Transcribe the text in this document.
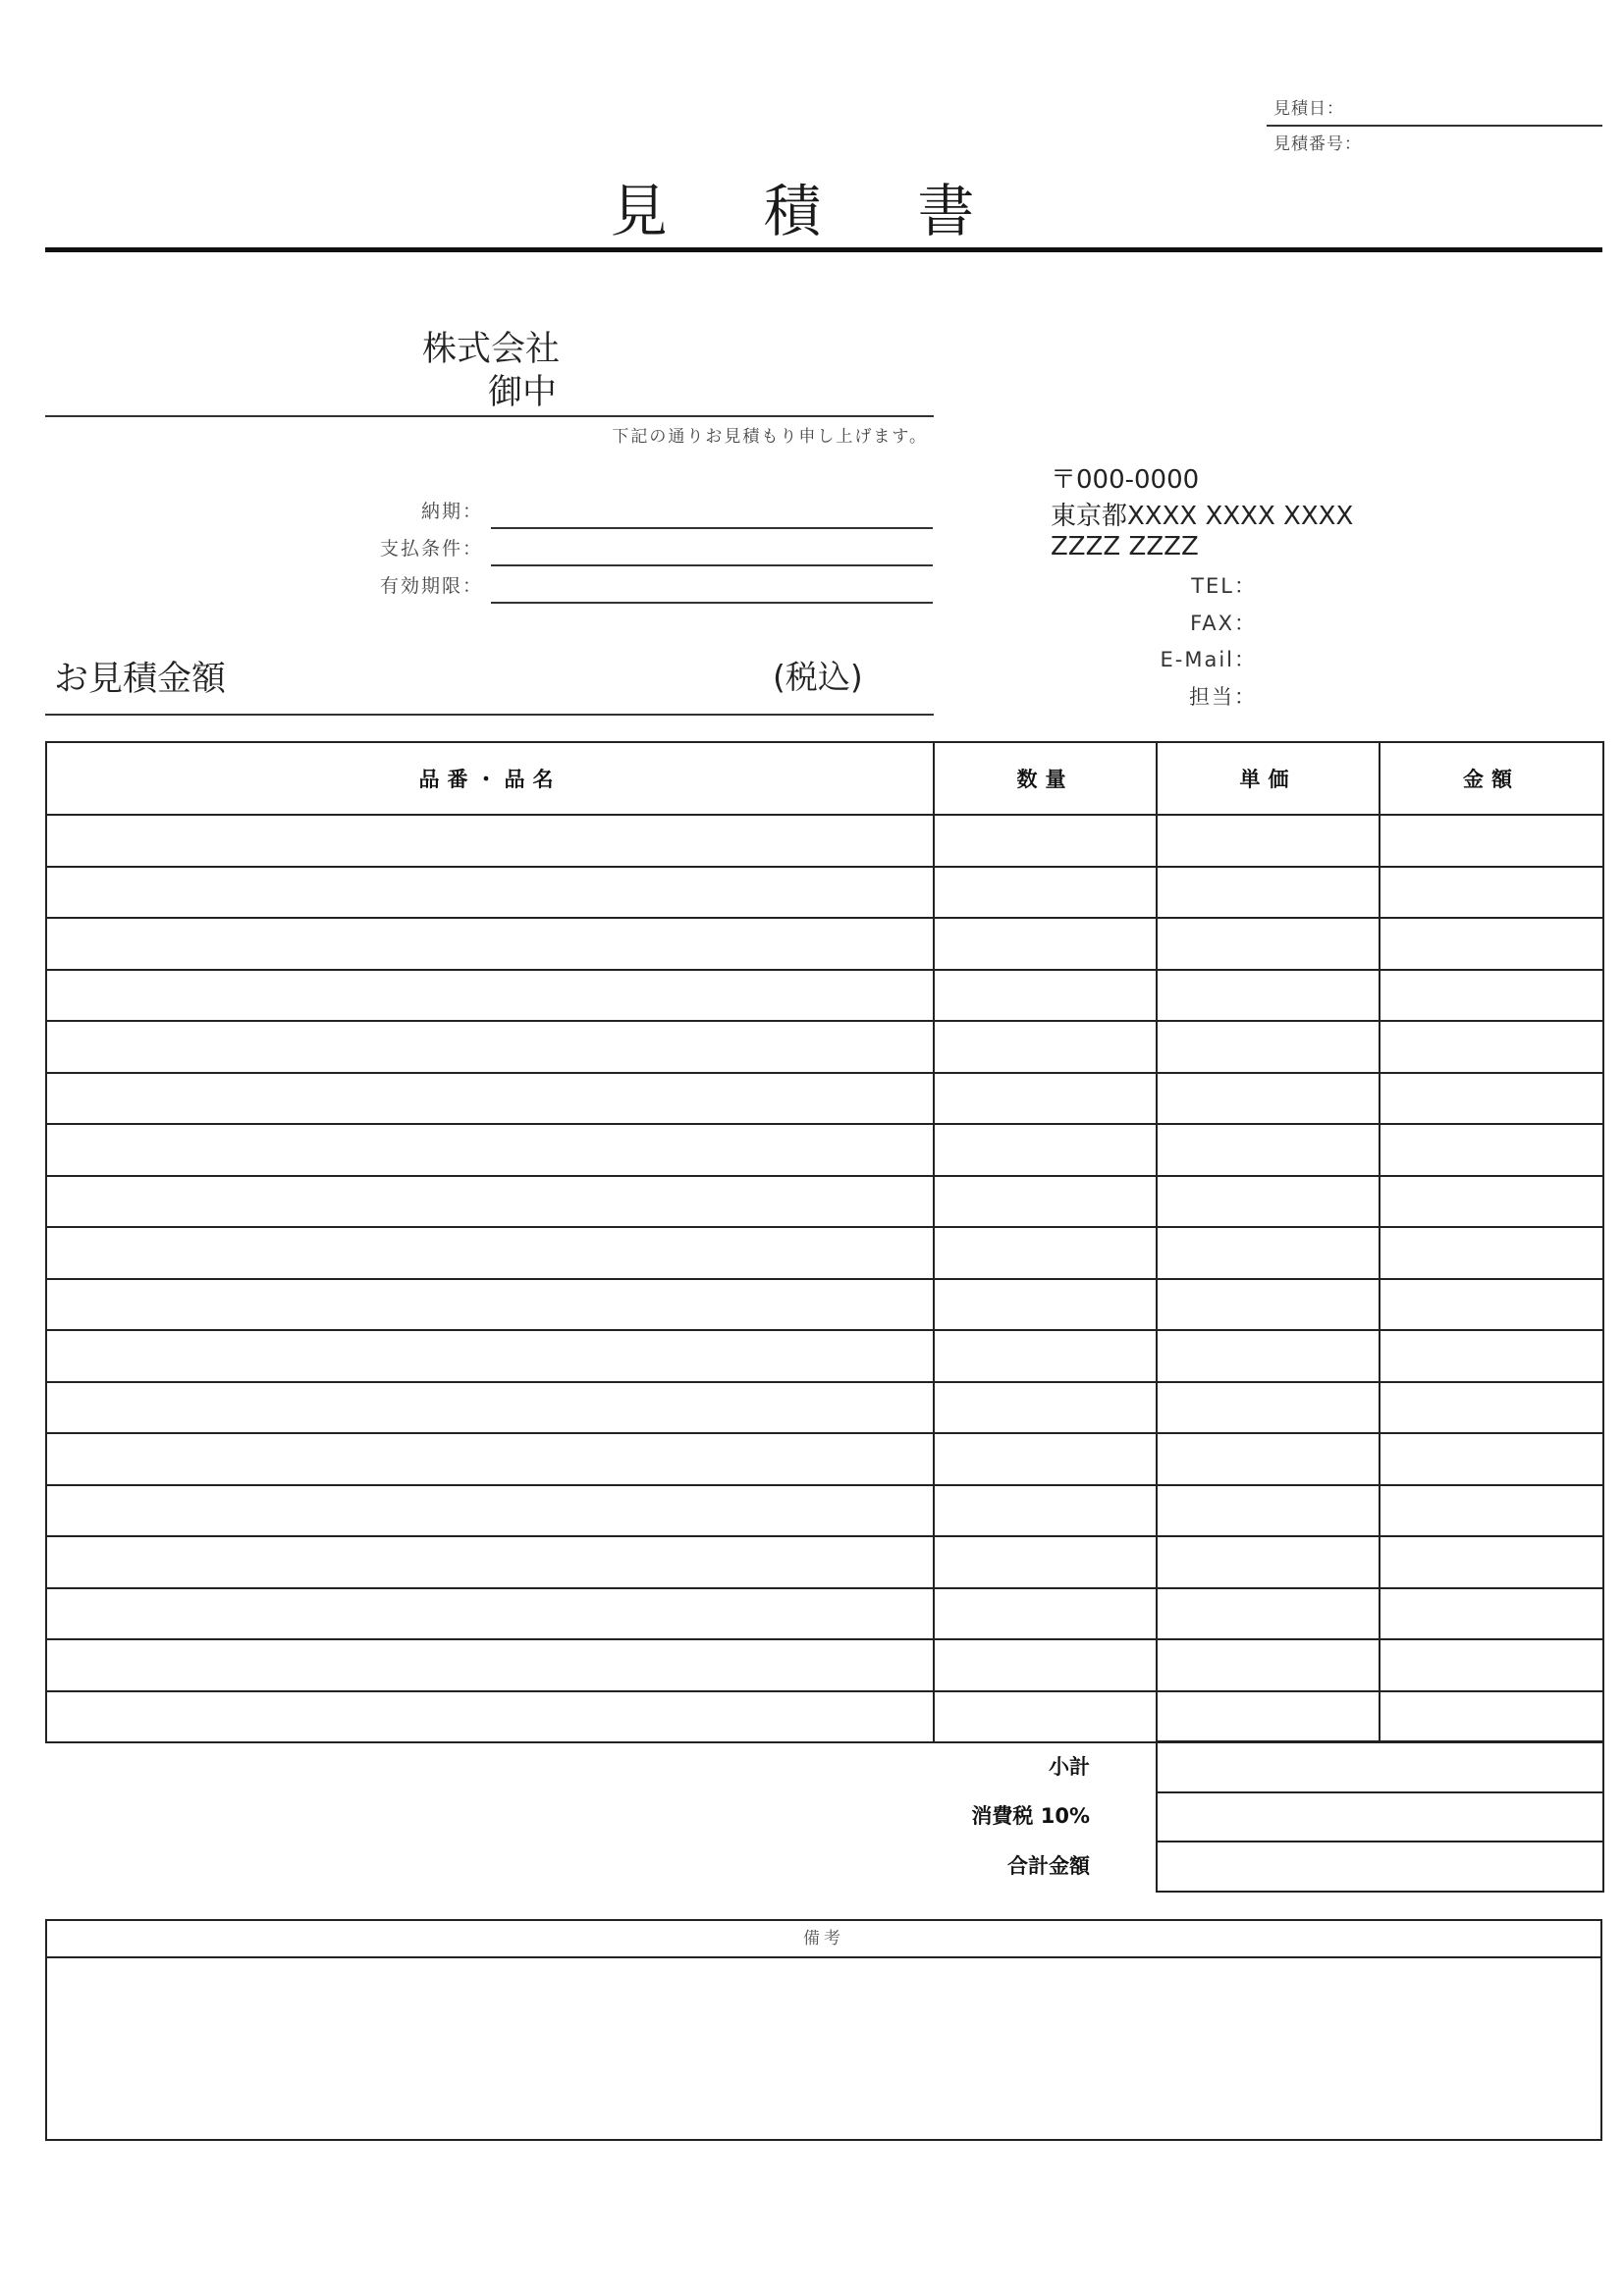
見積日：
見積番号：
見 積 書
株式会社
御中
下記の通りお見積もり申し上げます。
納期：
支払条件：
有効期限：
お見積金額	(税込)
〒000-0000
東京都XXXX XXXX XXXX
ZZZZ ZZZZ
TEL：
FAX：
E-Mail：
担当：
品番・品名	数量	単価	金額

小計
消費税 10%
合計金額
備考
